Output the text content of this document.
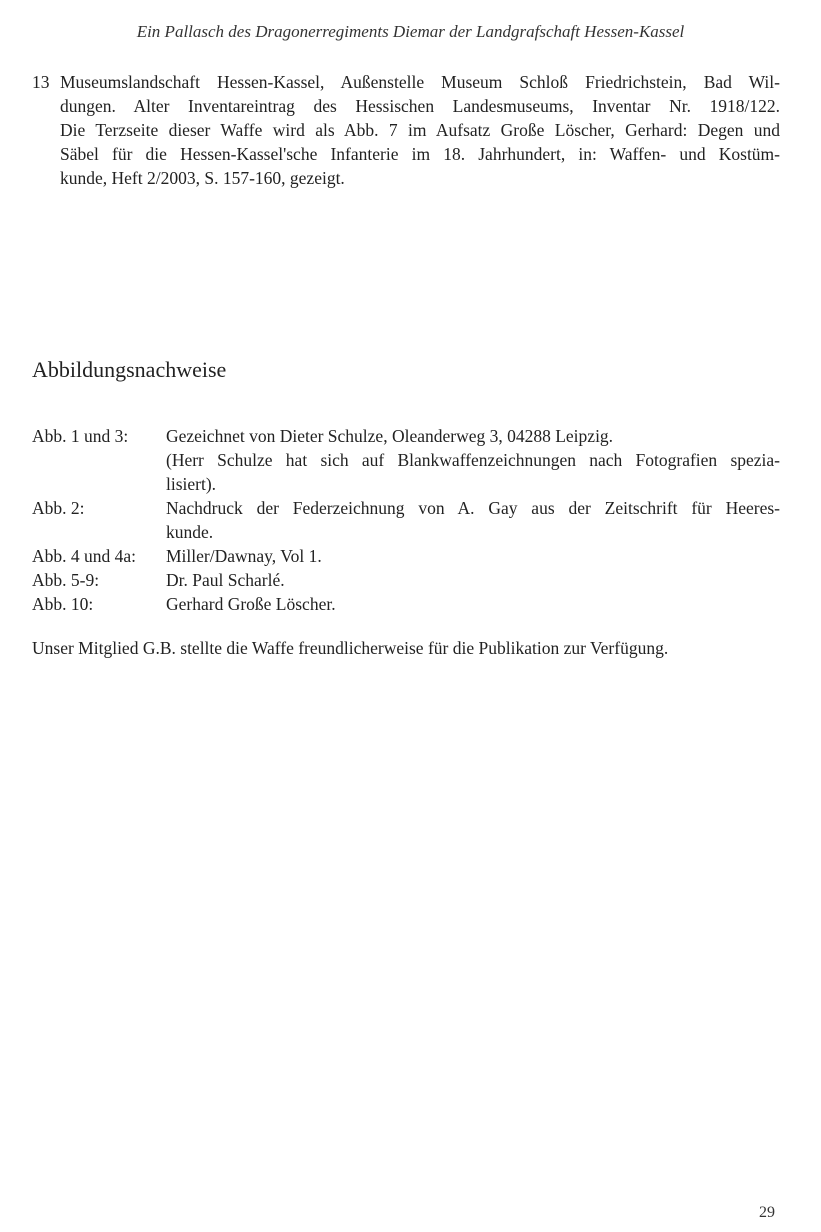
Ein Pallasch des Dragonerregiments Diemar der Landgrafschaft Hessen-Kassel
13 Museumslandschaft Hessen-Kassel, Außenstelle Museum Schloß Friedrichstein, Bad Wil-
dungen. Alter Inventareintrag des Hessischen Landesmuseums, Inventar Nr. 1918/122.
Die Terzseite dieser Waffe wird als Abb. 7 im Aufsatz Große Löscher, Gerhard: Degen und
Säbel für die Hessen-Kassel'sche Infanterie im 18. Jahrhundert, in: Waffen- und Kostüm-
kunde, Heft 2/2003, S. 157-160, gezeigt.
Abbildungsnachweise
Abb. 1 und 3:	Gezeichnet von Dieter Schulze, Oleanderweg 3, 04288 Leipzig.
(Herr Schulze hat sich auf Blankwaffenzeichnungen nach Fotografien spezia-
lisiert).
Abb. 2:	Nachdruck der Federzeichnung von A. Gay aus der Zeitschrift für Heeres-
kunde.
Abb. 4 und 4a:	Miller/Dawnay, Vol 1.
Abb. 5-9:	Dr. Paul Scharlé.
Abb. 10:	Gerhard Große Löscher.
Unser Mitglied G.B. stellte die Waffe freundlicherweise für die Publikation zur Verfügung.
29
